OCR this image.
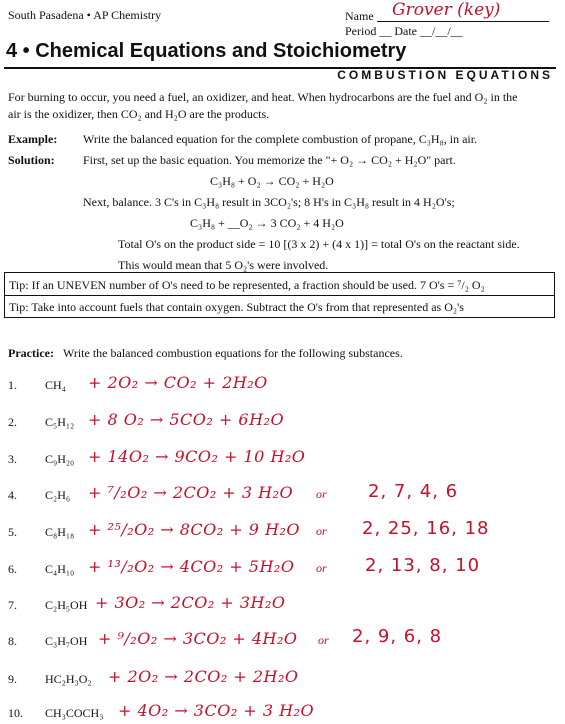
South Pasadena • AP Chemistry	Name Grover (key)
Period __ Date __/__/__
4 • Chemical Equations and Stoichiometry
COMBUSTION EQUATIONS
For burning to occur, you need a fuel, an oxidizer, and heat. When hydrocarbons are the fuel and O₂ in the
air is the oxidizer, then CO₂ and H₂O are the products.
Example: Write the balanced equation for the complete combustion of propane, C₃H₈, in air.
Solution: First, set up the basic equation. You memorize the "+ O₂ → CO₂ + H₂O" part.
C₃H₈ + O₂ → CO₂ + H₂O
Next, balance. 3 C's in C₃H₈ result in 3CO₂'s; 8 H's in C₃H₈ result in 4 H₂O's;
C₃H₈ + __O₂ → 3 CO₂ + 4 H₂O
Total O's on the product side = 10 [(3 x 2) + (4 x 1)] = total O's on the reactant side.
This would mean that 5 O₂'s were involved.
Tip: If an UNEVEN number of O's need to be represented, a fraction should be used. 7 O's = ⁷/₂ O₂
Tip: Take into account fuels that contain oxygen. Subtract the O's from that represented as O₂'s
Practice: Write the balanced combustion equations for the following substances.
1. CH₄ + 2O₂ → CO₂ + 2H₂O
2. C₅H₁₂ + 8 O₂ → 5CO₂ + 6H₂O
3. C₉H₂₀ + 14O₂ → 9CO₂ + 10 H₂O
4. C₂H₆ + ⁷/₂O₂ → 2CO₂ + 3 H₂O or 2, 7, 4, 6
5. C₈H₁₈ + ²⁵/₂O₂ → 8CO₂ + 9 H₂O or 2, 25, 16, 18
6. C₄H₁₀ + ¹³/₂O₂ → 4CO₂ + 5H₂O or 2, 13, 8, 10
7. C₂H₅OH + 3O₂ → 2CO₂ + 3H₂O
8. C₃H₇OH + ⁹/₂O₂ → 3CO₂ + 4H₂O or 2, 9, 6, 8
9. HC₂H₃O₂ + 2O₂ → 2CO₂ + 2H₂O
10. CH₃COCH₃ + 4O₂ → 3CO₂ + 3 H₂O
